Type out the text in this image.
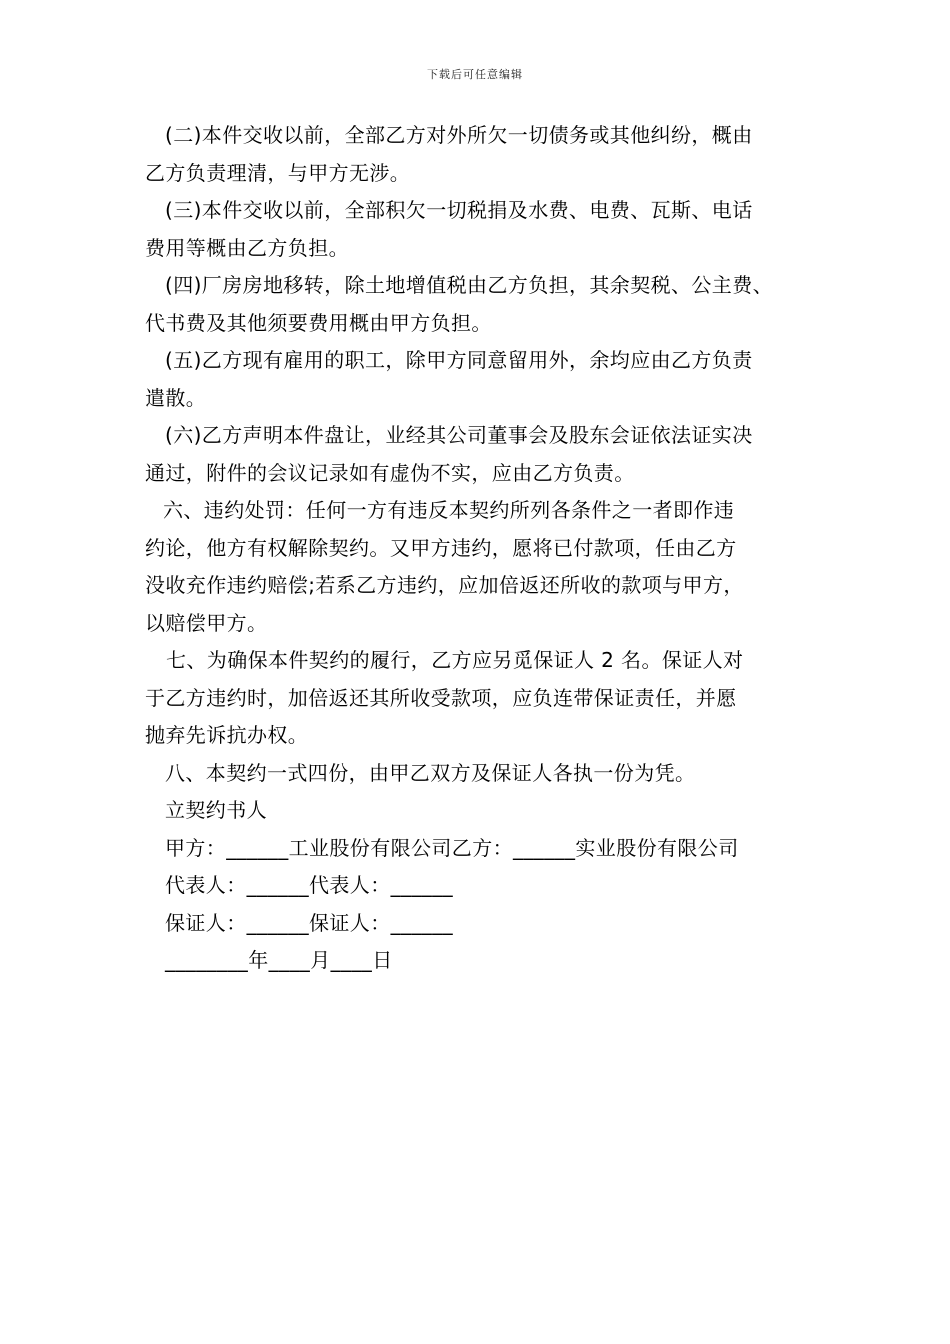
下载后可任意编辑
(二)本件交收以前，全部乙方对外所欠一切债务或其他纠纷，概由
乙方负责理清，与甲方无涉。
(三)本件交收以前，全部积欠一切税捐及水费、电费、瓦斯、电话
费用等概由乙方负担。
(四)厂房房地移转，除土地增值税由乙方负担，其余契税、公主费、
代书费及其他须要费用概由甲方负担。
(五)乙方现有雇用的职工，除甲方同意留用外，余均应由乙方负责
遣散。
(六)乙方声明本件盘让，业经其公司董事会及股东会证依法证实决
通过，附件的会议记录如有虚伪不实，应由乙方负责。
六、违约处罚：任何一方有违反本契约所列各条件之一者即作违
约论，他方有权解除契约。又甲方违约，愿将已付款项，任由乙方
没收充作违约赔偿;若系乙方违约，应加倍返还所收的款项与甲方，
以赔偿甲方。
七、为确保本件契约的履行，乙方应另觅保证人 2 名。保证人对
于乙方违约时，加倍返还其所收受款项，应负连带保证责任，并愿
抛弃先诉抗办权。
八、本契约一式四份，由甲乙双方及保证人各执一份为凭。
立契约书人
甲方：______工业股份有限公司乙方：______实业股份有限公司
代表人：______代表人：______
保证人：______保证人：______
________年____月____日
